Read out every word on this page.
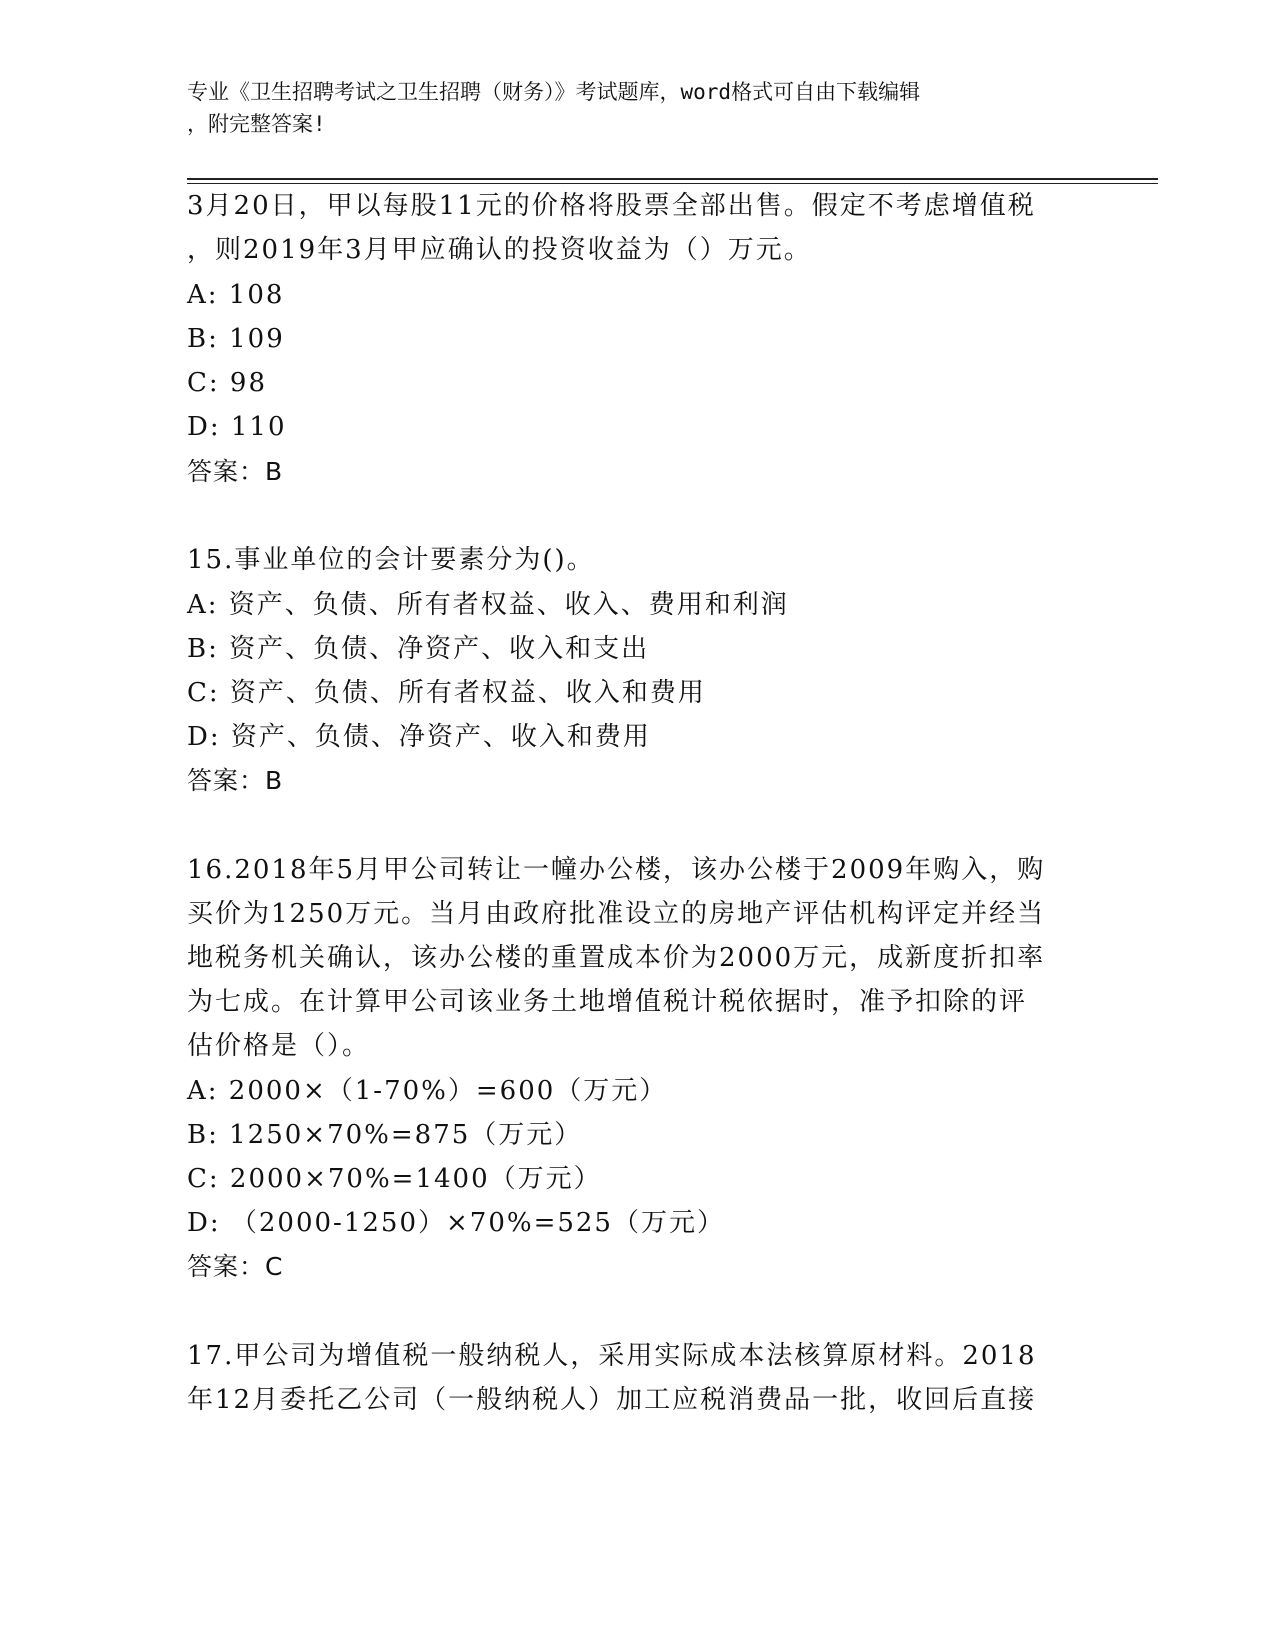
专业《卫生招聘考试之卫生招聘（财务）》考试题库，word格式可自由下载编辑
，附完整答案!
3月20日，甲以每股11元的价格将股票全部出售。假定不考虑增值税
，则2019年3月甲应确认的投资收益为（）万元。
A: 108
B: 109
C: 98
D: 110
答案：B
15.事业单位的会计要素分为()。
A: 资产、负债、所有者权益、收入、费用和利润
B: 资产、负债、净资产、收入和支出
C: 资产、负债、所有者权益、收入和费用
D: 资产、负债、净资产、收入和费用
答案：B
16.2018年5月甲公司转让一幢办公楼，该办公楼于2009年购入，购
买价为1250万元。当月由政府批准设立的房地产评估机构评定并经当
地税务机关确认，该办公楼的重置成本价为2000万元，成新度折扣率
为七成。在计算甲公司该业务土地增值税计税依据时，准予扣除的评
估价格是（）。
A: 2000×（1-70%）=600（万元）
B: 1250×70%=875（万元）
C: 2000×70%=1400（万元）
D: （2000-1250）×70%=525（万元）
答案：C
17.甲公司为增值税一般纳税人，采用实际成本法核算原材料。2018
年12月委托乙公司（一般纳税人）加工应税消费品一批，收回后直接
